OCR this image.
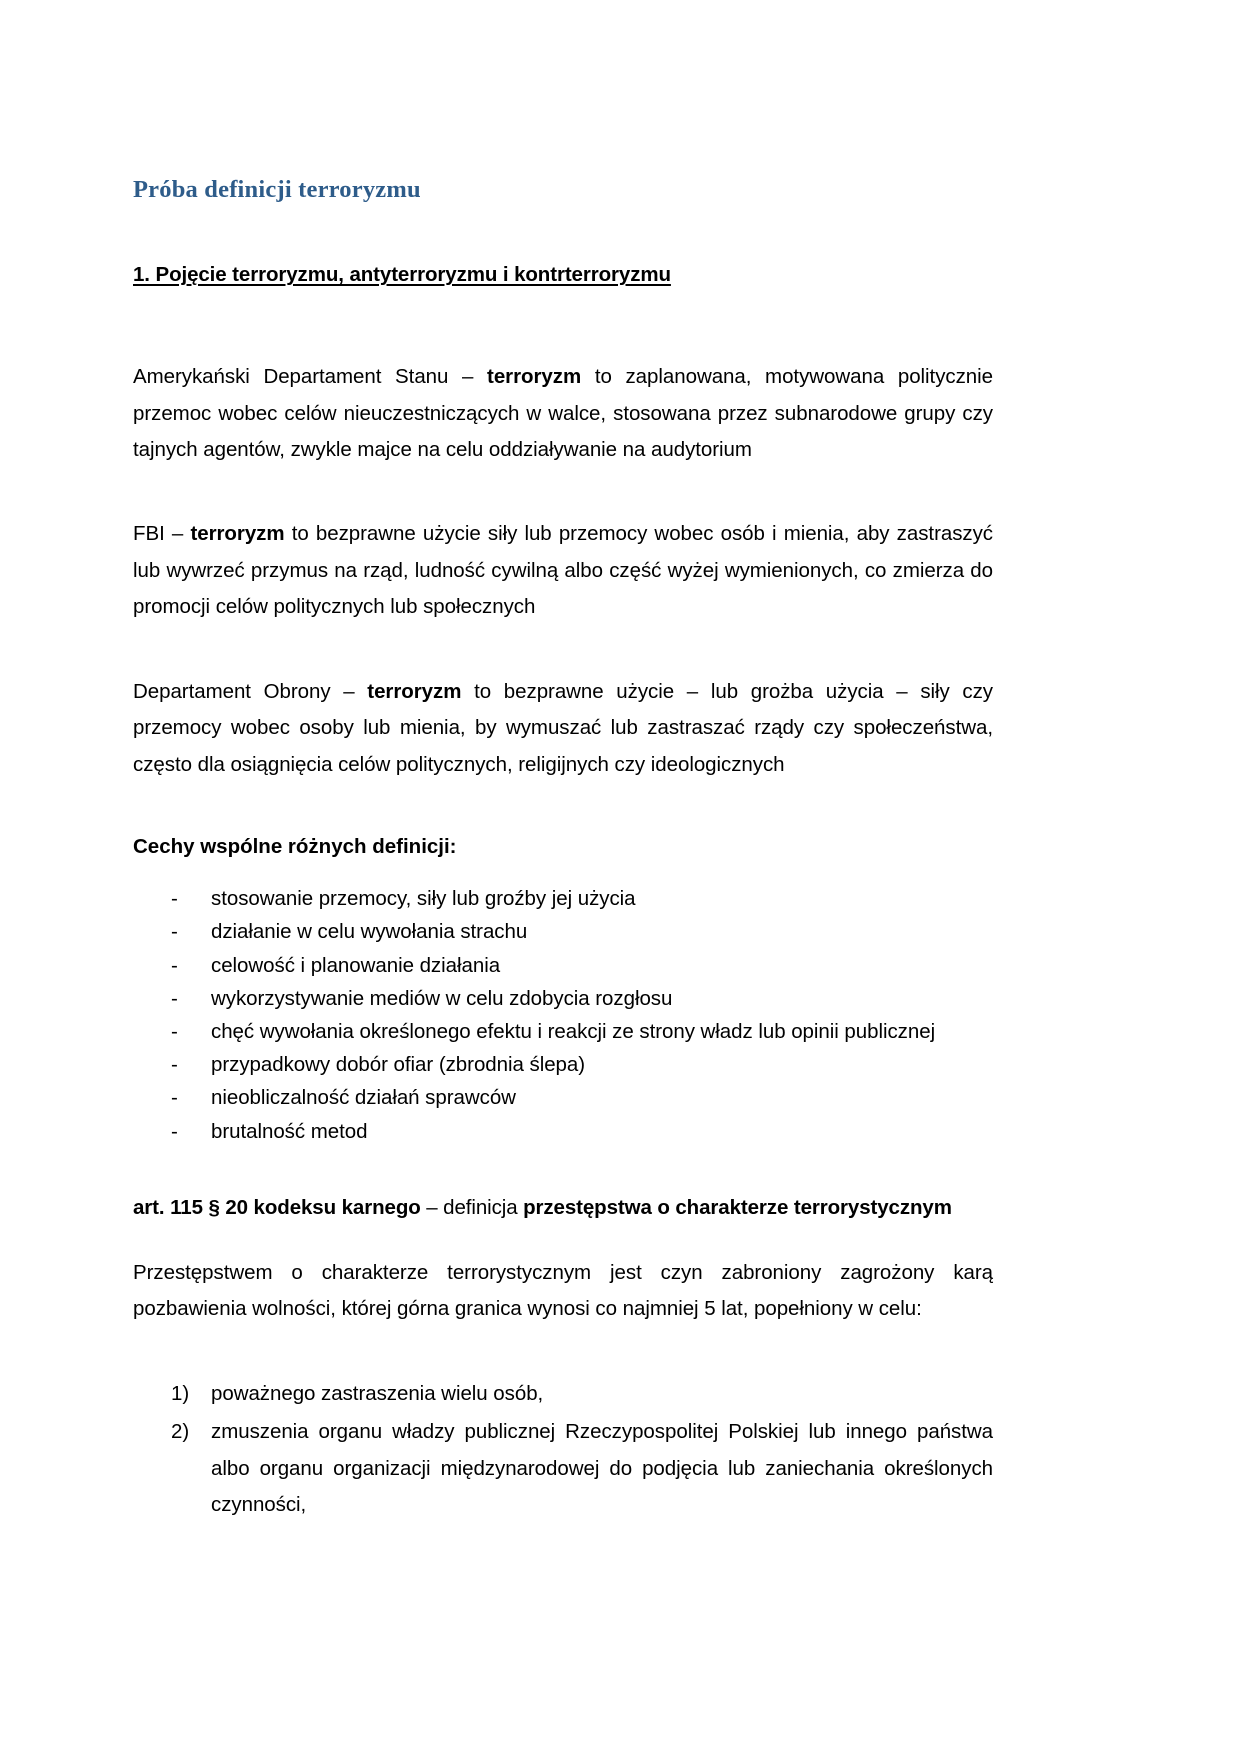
Próba definicji terroryzmu
1. Pojęcie terroryzmu, antyterroryzmu i kontrterroryzmu

Amerykański Departament Stanu – terroryzm to zaplanowana, motywowana politycznie przemoc wobec celów nieuczestniczących w walce, stosowana przez subnarodowe grupy czy tajnych agentów, zwykle majce na celu oddziaływanie na audytorium

FBI – terroryzm to bezprawne użycie siły lub przemocy wobec osób i mienia, aby zastraszyć lub wywrzeć przymus na rząd, ludność cywilną albo część wyżej wymienionych, co zmierza do promocji celów politycznych lub społecznych

Departament Obrony – terroryzm to bezprawne użycie – lub grożba użycia – siły czy przemocy wobec osoby lub mienia, by wymuszać lub zastraszać rządy czy społeczeństwa, często dla osiągnięcia celów politycznych, religijnych czy ideologicznych

Cechy wspólne różnych definicji:

- stosowanie przemocy, siły lub groźby jej użycia
- działanie w celu wywołania strachu
- celowość i planowanie działania
- wykorzystywanie mediów w celu zdobycia rozgłosu
- chęć wywołania określonego efektu i reakcji ze strony władz lub opinii publicznej
- przypadkowy dobór ofiar (zbrodnia ślepa)
- nieobliczalność działań sprawców
- brutalność metod

art. 115 § 20 kodeksu karnego – definicja przestępstwa o charakterze terrorystycznym

Przestępstwem o charakterze terrorystycznym jest czyn zabroniony zagrożony karą pozbawienia wolności, której górna granica wynosi co najmniej 5 lat, popełniony w celu:

1) poważnego zastraszenia wielu osób,
2) zmuszenia organu władzy publicznej Rzeczypospolitej Polskiej lub innego państwa albo organu organizacji międzynarodowej do podjęcia lub zaniechania określonych czynności,
